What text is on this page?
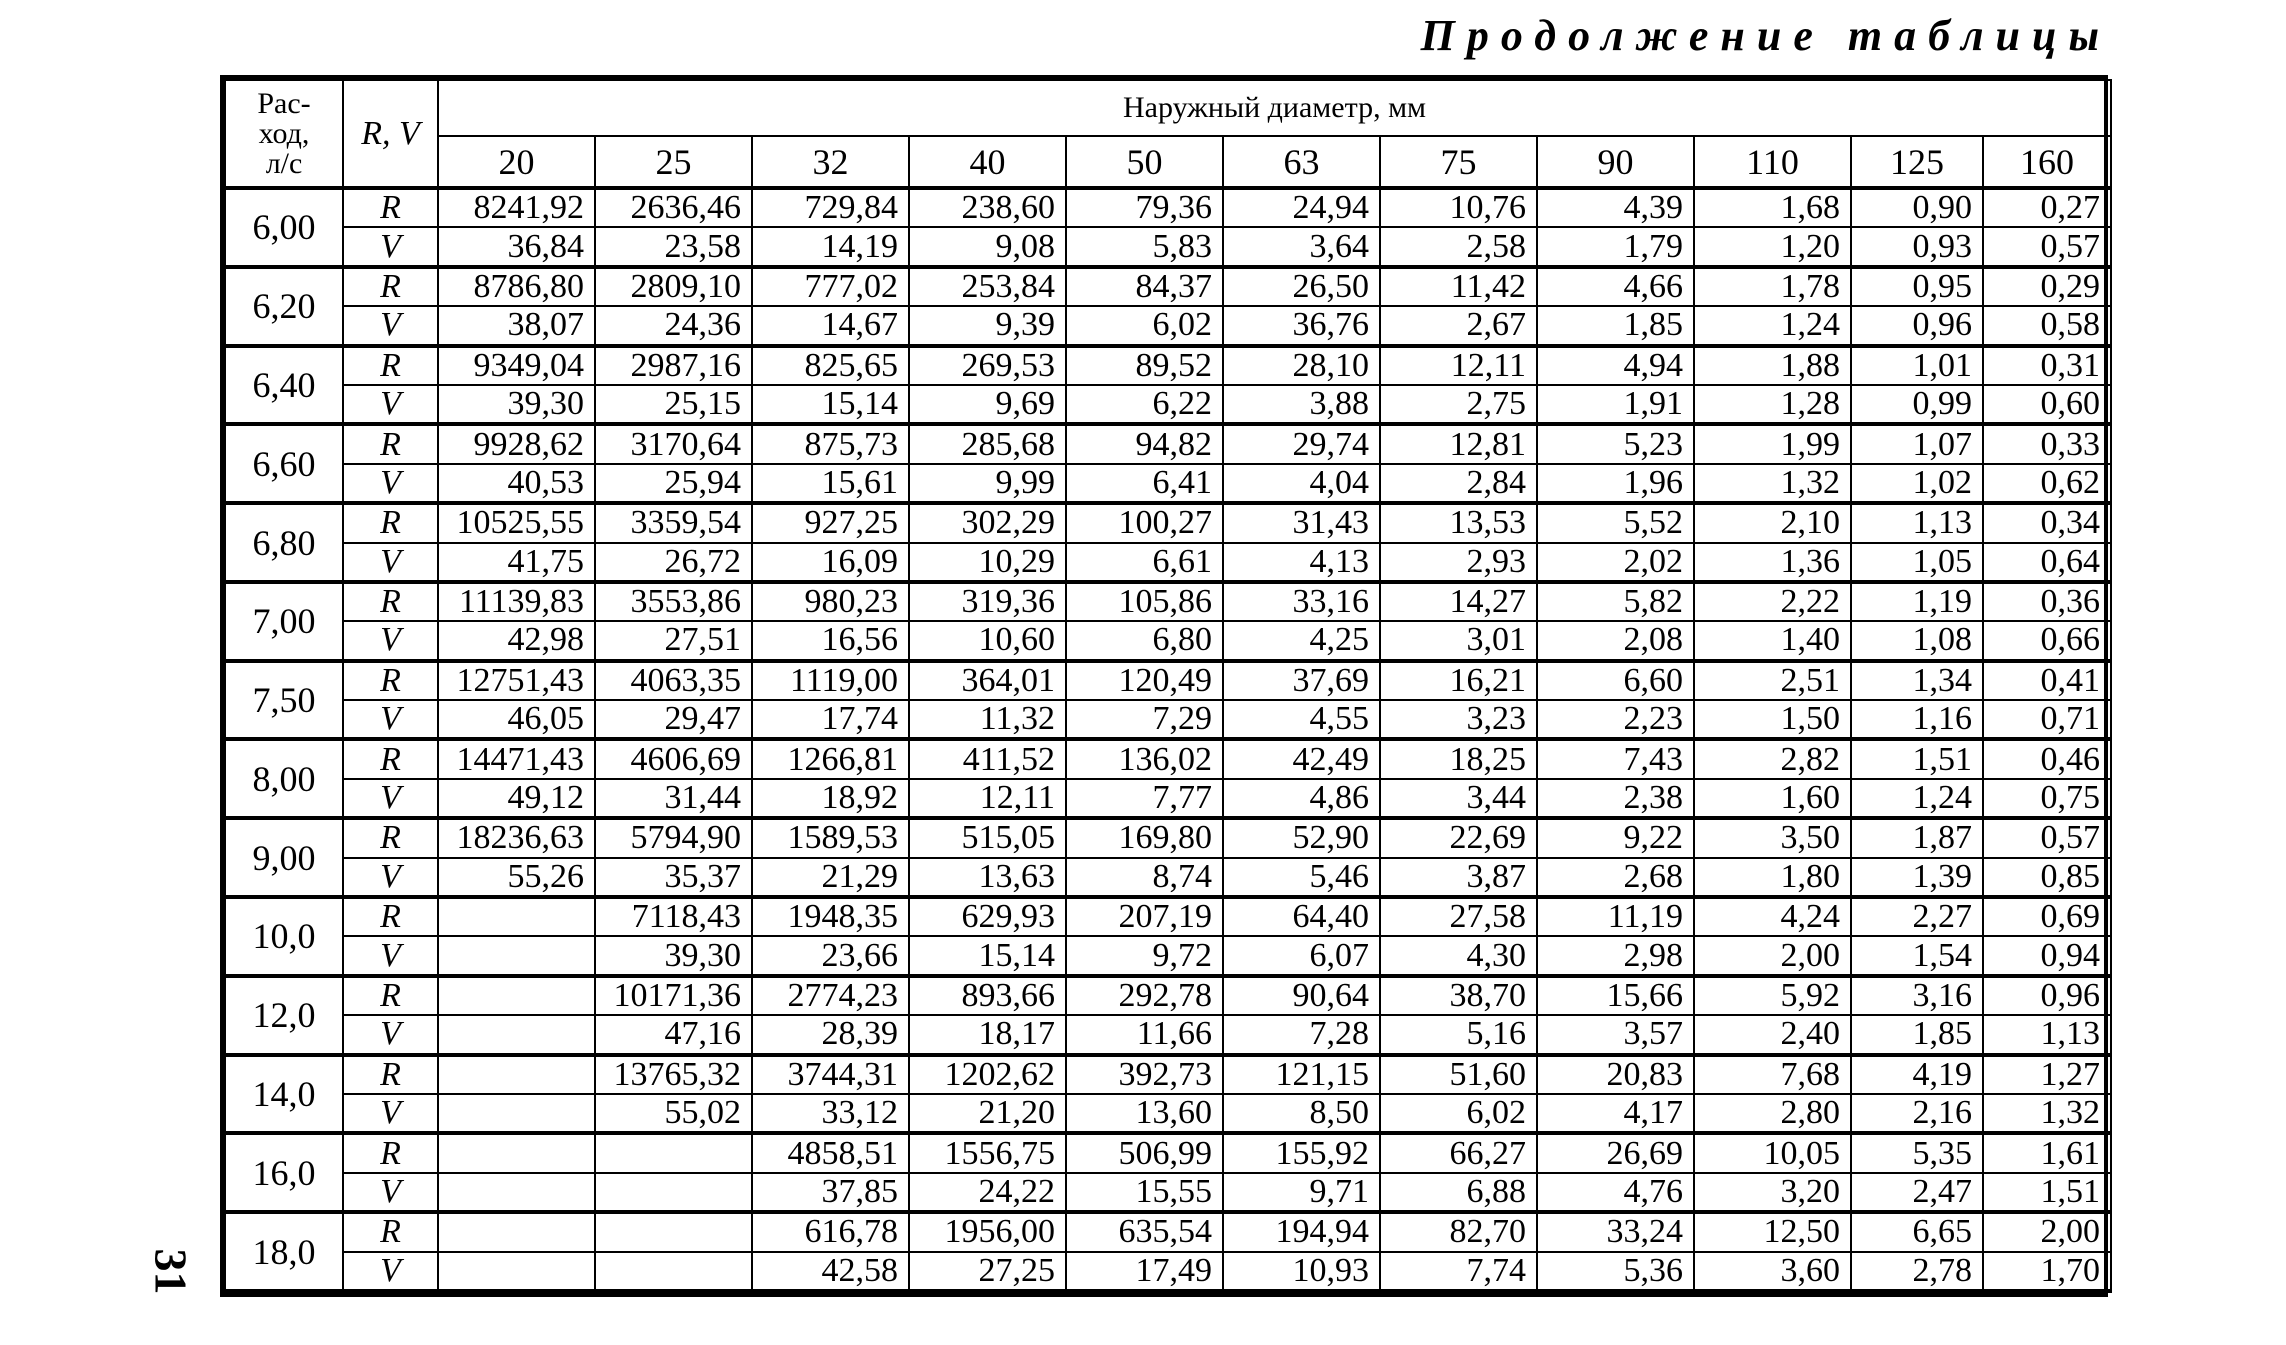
Продолжение таблицы
Рас-
ход,
л/с	R, V	Наружный диаметр, мм										
		20	25	32	40	50	63	75	90	110	125	160
6,00	R	8241,92	2636,46	729,84	238,60	79,36	24,94	10,76	4,39	1,68	0,90	0,27
	V	36,84	23,58	14,19	9,08	5,83	3,64	2,58	1,79	1,20	0,93	0,57
6,20	R	8786,80	2809,10	777,02	253,84	84,37	26,50	11,42	4,66	1,78	0,95	0,29
	V	38,07	24,36	14,67	9,39	6,02	36,76	2,67	1,85	1,24	0,96	0,58
6,40	R	9349,04	2987,16	825,65	269,53	89,52	28,10	12,11	4,94	1,88	1,01	0,31
	V	39,30	25,15	15,14	9,69	6,22	3,88	2,75	1,91	1,28	0,99	0,60
6,60	R	9928,62	3170,64	875,73	285,68	94,82	29,74	12,81	5,23	1,99	1,07	0,33
	V	40,53	25,94	15,61	9,99	6,41	4,04	2,84	1,96	1,32	1,02	0,62
6,80	R	10525,55	3359,54	927,25	302,29	100,27	31,43	13,53	5,52	2,10	1,13	0,34
	V	41,75	26,72	16,09	10,29	6,61	4,13	2,93	2,02	1,36	1,05	0,64
7,00	R	11139,83	3553,86	980,23	319,36	105,86	33,16	14,27	5,82	2,22	1,19	0,36
	V	42,98	27,51	16,56	10,60	6,80	4,25	3,01	2,08	1,40	1,08	0,66
7,50	R	12751,43	4063,35	1119,00	364,01	120,49	37,69	16,21	6,60	2,51	1,34	0,41
	V	46,05	29,47	17,74	11,32	7,29	4,55	3,23	2,23	1,50	1,16	0,71
8,00	R	14471,43	4606,69	1266,81	411,52	136,02	42,49	18,25	7,43	2,82	1,51	0,46
	V	49,12	31,44	18,92	12,11	7,77	4,86	3,44	2,38	1,60	1,24	0,75
9,00	R	18236,63	5794,90	1589,53	515,05	169,80	52,90	22,69	9,22	3,50	1,87	0,57
	V	55,26	35,37	21,29	13,63	8,74	5,46	3,87	2,68	1,80	1,39	0,85
10,0	R		7118,43	1948,35	629,93	207,19	64,40	27,58	11,19	4,24	2,27	0,69
	V		39,30	23,66	15,14	9,72	6,07	4,30	2,98	2,00	1,54	0,94
12,0	R		10171,36	2774,23	893,66	292,78	90,64	38,70	15,66	5,92	3,16	0,96
	V		47,16	28,39	18,17	11,66	7,28	5,16	3,57	2,40	1,85	1,13
14,0	R		13765,32	3744,31	1202,62	392,73	121,15	51,60	20,83	7,68	4,19	1,27
	V		55,02	33,12	21,20	13,60	8,50	6,02	4,17	2,80	2,16	1,32
16,0	R			4858,51	1556,75	506,99	155,92	66,27	26,69	10,05	5,35	1,61
	V			37,85	24,22	15,55	9,71	6,88	4,76	3,20	2,47	1,51
18,0	R			616,78	1956,00	635,54	194,94	82,70	33,24	12,50	6,65	2,00
	V			42,58	27,25	17,49	10,93	7,74	5,36	3,60	2,78	1,70
31
